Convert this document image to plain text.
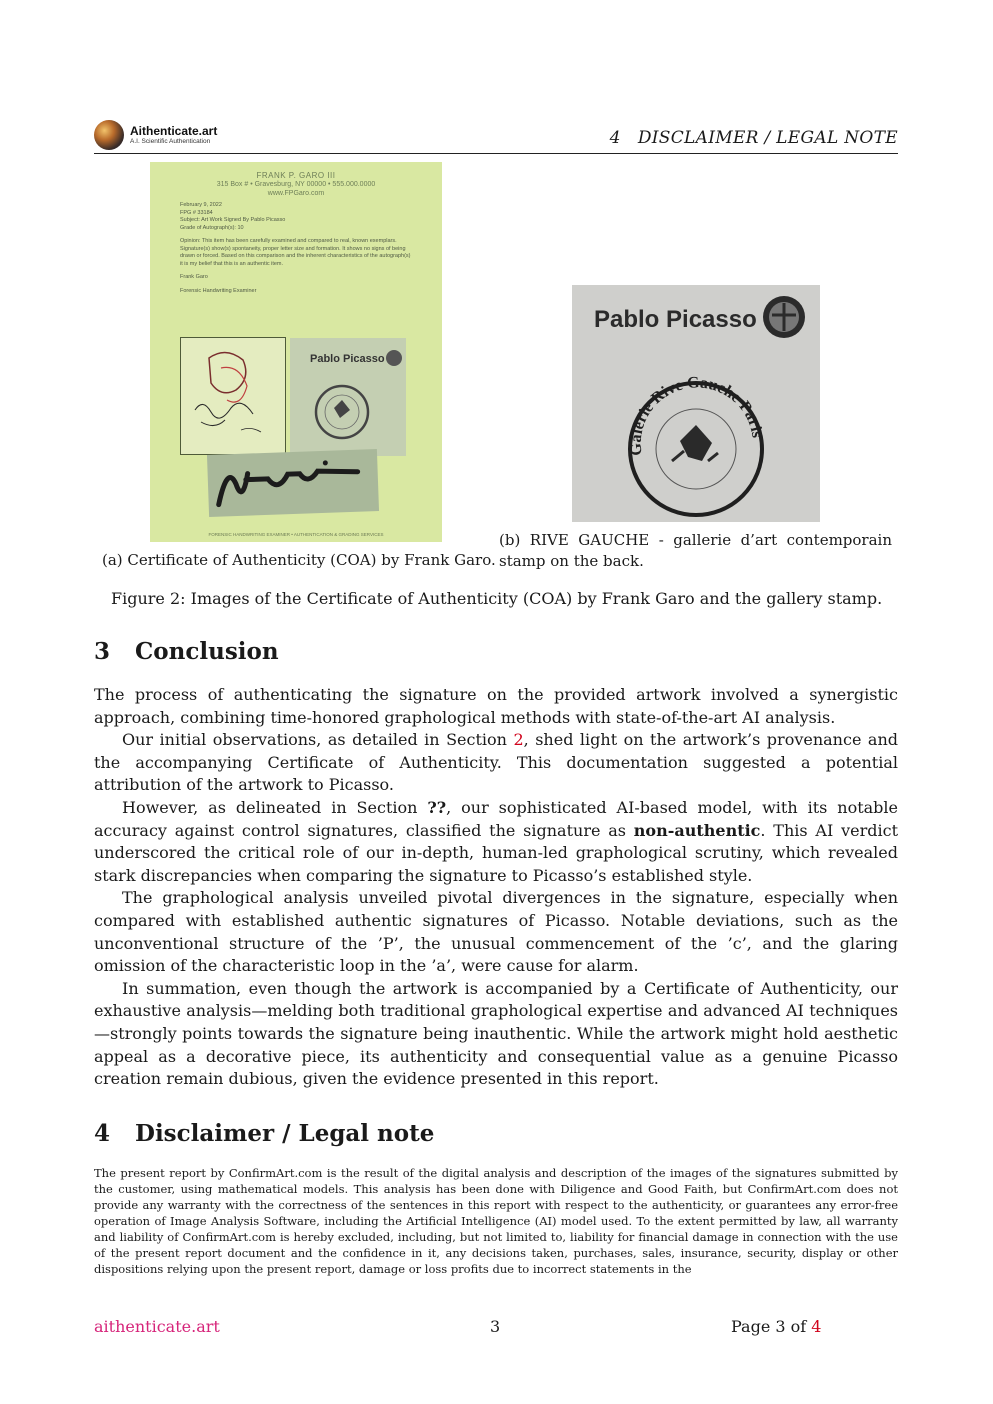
Aithenticate.art
A.I. Scientific Authentication	4   DISCLAIMER / LEGAL NOTE
FRANK P. GARO III
315 Box # • Gravesburg, NY 00000 • 555.000.0000
www.FPGaro.com
February 9, 2022
FPG # 33184
Subject: Art Work Signed By Pablo Picasso

Grade of Autograph(s): 10

Opinion: This item has been carefully examined and compared to real, known exemplars. Signature(s) show(s) spontaneity, proper letter size and formation. It shows no signs of being drawn or forced. Based on this comparison and the inherent characteristics of the autograph(s) it is my belief that this is an authentic item.

Frank Garo

Forensic Handwriting Examiner
Pablo Picasso
FORENSIC HANDWRITING EXAMINER • AUTHENTICATION & GRADING SERVICES
Pablo Picasso
Galerie Rive Gauche Paris
(a) Certificate of Authenticity (COA) by Frank Garo.
(b) RIVE GAUCHE - gallerie d’art contemporain stamp on the back.
Figure 2: Images of the Certificate of Authenticity (COA) by Frank Garo and the gallery stamp.
3 Conclusion

The process of authenticating the signature on the provided artwork involved a synergistic approach, combining time-honored graphological methods with state-of-the-art AI analysis.

Our initial observations, as detailed in Section 2, shed light on the artwork’s provenance and the accompanying Certificate of Authenticity. This documentation suggested a potential attribution of the artwork to Picasso.

However, as delineated in Section ??, our sophisticated AI-based model, with its notable accuracy against control signatures, classified the signature as non-authentic. This AI verdict underscored the critical role of our in-depth, human-led graphological scrutiny, which revealed stark discrepancies when comparing the signature to Picasso’s established style.

The graphological analysis unveiled pivotal divergences in the signature, especially when compared with established authentic signatures of Picasso. Notable deviations, such as the unconventional structure of the ’P’, the unusual commencement of the ’c’, and the glaring omission of the characteristic loop in the ’a’, were cause for alarm.

In summation, even though the artwork is accompanied by a Certificate of Authenticity, our exhaustive analysis—melding both traditional graphological expertise and advanced AI techniques—strongly points towards the signature being inauthentic. While the artwork might hold aesthetic appeal as a decorative piece, its authenticity and consequential value as a genuine Picasso creation remain dubious, given the evidence presented in this report.

4 Disclaimer / Legal note
The present report by ConfirmArt.com is the result of the digital analysis and description of the images of the signatures submitted by the customer, using mathematical models. This analysis has been done with Diligence and Good Faith, but ConfirmArt.com does not provide any warranty with the correctness of the sentences in this report with respect to the authenticity, or guarantees any error-free operation of Image Analysis Software, including the Artificial Intelligence (AI) model used. To the extent permitted by law, all warranty and liability of ConfirmArt.com is hereby excluded, including, but not limited to, liability for financial damage in connection with the use of the present report document and the confidence in it, any decisions taken, purchases, sales, insurance, security, display or other dispositions relying upon the present report, damage or loss profits due to incorrect statements in the
aithenticate.art	3	Page 3 of 4
